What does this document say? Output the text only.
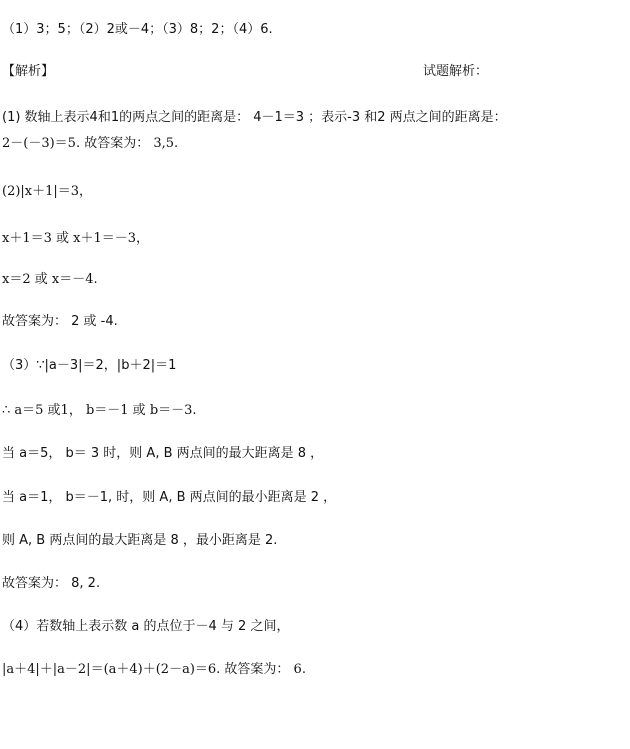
（1）3；5；（2）2或－4；（3）8；2；（4）6.
【解析】	试题解析：
(1) 数轴上表示4和1的两点之间的距离是： 4－1＝3 ；表示-3 和2 两点之间的距离是：
2－(－3)＝5. 故答案为： 3,5.
(2)|x＋1|＝3，
x＋1＝3 或 x＋1＝－3，
x＝2 或 x＝－4.
故答案为： 2 或 -4.
（3）∵|a－3|＝2，|b＋2|＝1
∴ a＝5 或1， b＝－1 或 b＝－3.
当 a＝5， b＝ 3 时，则 A, B 两点间的最大距离是 8 ，
当 a＝1， b＝－1, 时，则 A, B 两点间的最小距离是 2 ，
则 A, B 两点间的最大距离是 8 ，最小距离是 2.
故答案为： 8, 2.
（4）若数轴上表示数 a 的点位于－4 与 2 之间，
|a＋4|＋|a－2|＝(a＋4)＋(2－a)＝6. 故答案为： 6.
